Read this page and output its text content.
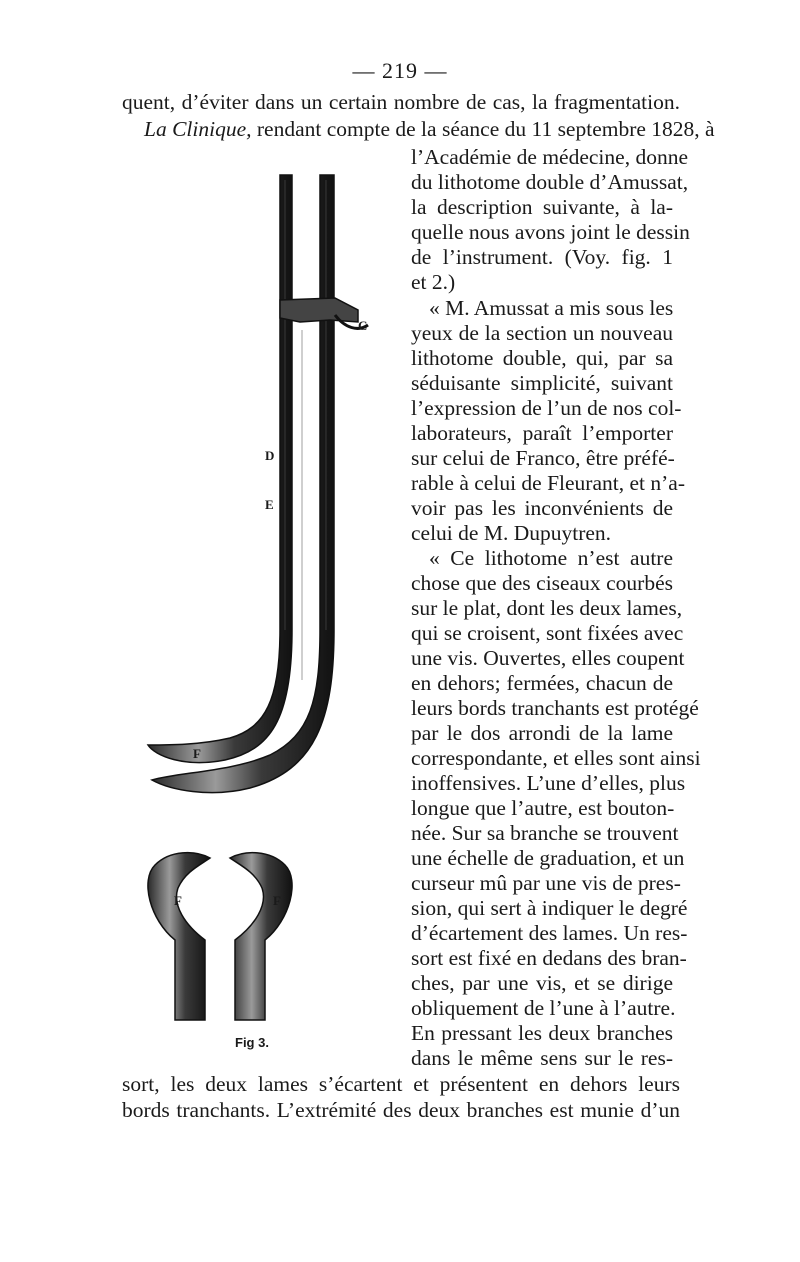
— 219 —
quent, d’éviter dans un certain nombre de cas, la fragmentation.
La Clinique, rendant compte de la séance du 11 septembre 1828, à
l’Académie de médecine, donne
du lithotome double d’Amussat,
la description suivante, à la-
quelle nous avons joint le dessin
de l’instrument. (Voy. fig. 1
et 2.)
« M. Amussat a mis sous les
yeux de la section un nouveau
lithotome double, qui, par sa
séduisante simplicité, suivant
l’expression de l’un de nos col-
laborateurs, paraît l’emporter
sur celui de Franco, être préfé-
rable à celui de Fleurant, et n’a-
voir pas les inconvénients de
celui de M. Dupuytren.
« Ce lithotome n’est autre
chose que des ciseaux courbés
sur le plat, dont les deux lames,
qui se croisent, sont fixées avec
une vis. Ouvertes, elles coupent
en dehors; fermées, chacun de
leurs bords tranchants est protégé
par le dos arrondi de la lame
correspondante, et elles sont ainsi
inoffensives. L’une d’elles, plus
longue que l’autre, est bouton-
née. Sur sa branche se trouvent
une échelle de graduation, et un
curseur mû par une vis de pres-
sion, qui sert à indiquer le degré
d’écartement des lames. Un res-
sort est fixé en dedans des bran-
ches, par une vis, et se dirige
obliquement de l’une à l’autre.
En pressant les deux branches
dans le même sens sur le res-
sort, les deux lames s’écartent et présentent en dehors leurs
bords tranchants. L’extrémité des deux branches est munie d’un
C
D
E
F
F	F
Fig 3.
